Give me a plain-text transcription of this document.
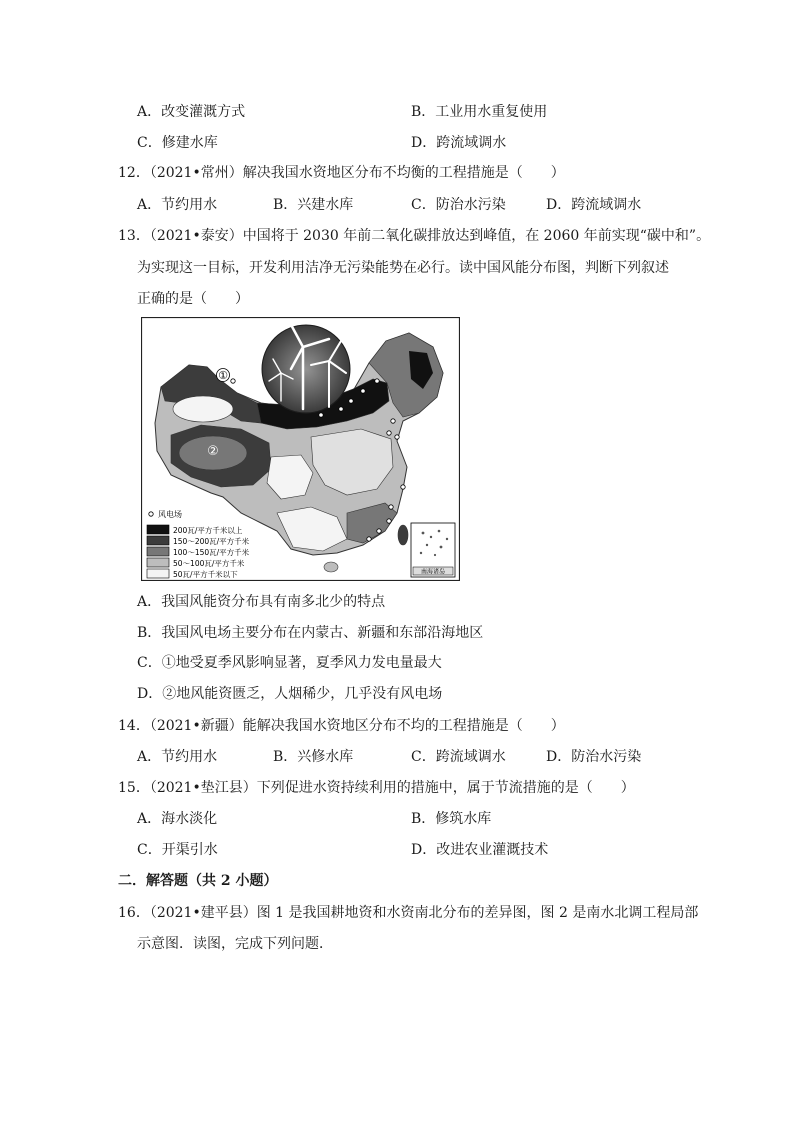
A．改变灌溉方式	B．工业用水重复使用
C．修建水库	D．跨流域调水
12．（2021•常州）解决我国水资地区分布不均衡的工程措施是（　　）
A．节约用水	B．兴建水库	C．防治水污染	D．跨流域调水
13．（2021•泰安）中国将于 2030 年前二氧化碳排放达到峰值，在 2060 年前实现“碳中和”。
为实现这一目标，开发利用洁净无污染能势在必行。读中国风能分布图，判断下列叙述
正确的是（　　）
①
②
风电场
200瓦/平方千米以上
150～200瓦/平方千米
100～150瓦/平方千米
50～100瓦/平方千米
50瓦/平方千米以下	南海诸岛
A．我国风能资分布具有南多北少的特点
B．我国风电场主要分布在内蒙古、新疆和东部沿海地区
C．①地受夏季风影响显著，夏季风力发电量最大
D．②地风能资匮乏，人烟稀少，几乎没有风电场
14．（2021•新疆）能解决我国水资地区分布不均的工程措施是（　　）
A．节约用水	B．兴修水库	C．跨流域调水	D．防治水污染
15．（2021•垫江县）下列促进水资持续利用的措施中，属于节流措施的是（　　）
A．海水淡化	B．修筑水库
C．开渠引水	D．改进农业灌溉技术
二．解答题（共 2 小题）
16．（2021•建平县）图 1 是我国耕地资和水资南北分布的差异图，图 2 是南水北调工程局部
示意图．读图，完成下列问题．
